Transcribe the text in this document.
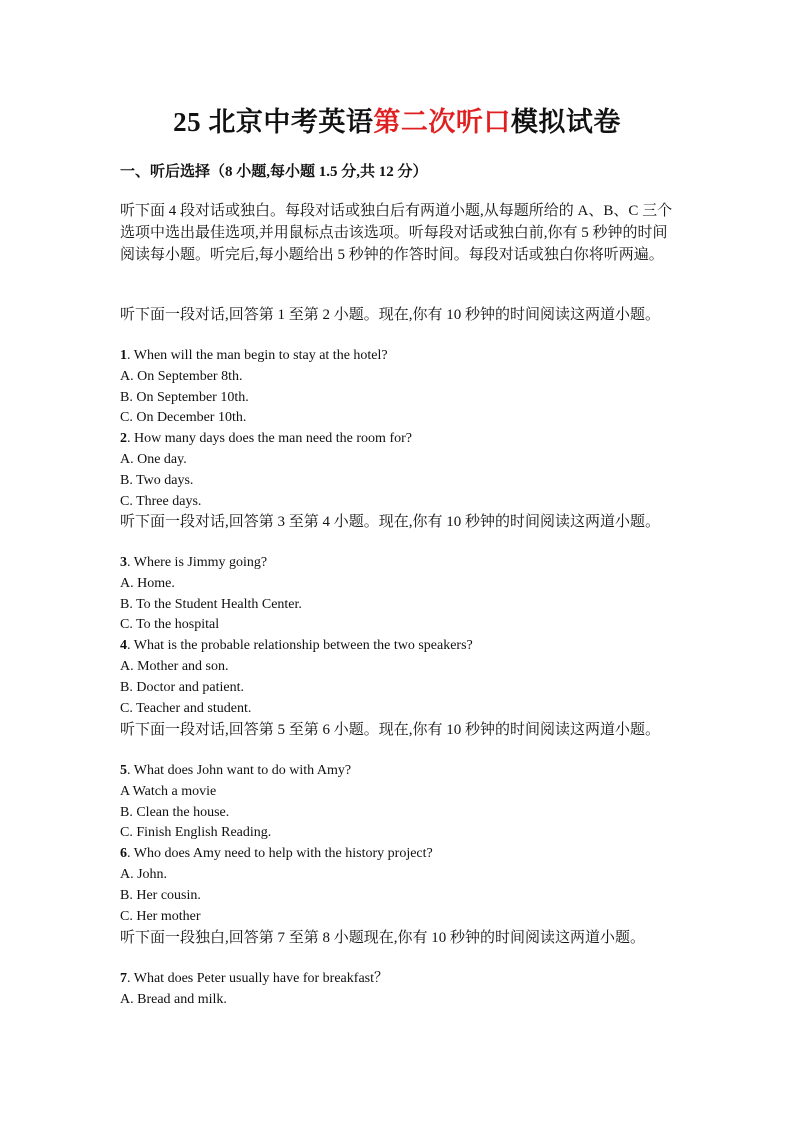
25 北京中考英语第二次听口模拟试卷
一、听后选择（8 小题,每小题 1.5 分,共 12 分）
听下面 4 段对话或独白。每段对话或独白后有两道小题,从每题所给的 A、B、C 三个选项中选出最佳选项,并用鼠标点击该选项。听每段对话或独白前,你有 5 秒钟的时间阅读每小题。听完后,每小题给出 5 秒钟的作答时间。每段对话或独白你将听两遍。
听下面一段对话,回答第 1 至第 2 小题。现在,你有 10 秒钟的时间阅读这两道小题。
1. When will the man begin to stay at the hotel?
A. On September 8th.
B. On September 10th.
C. On December 10th.
2. How many days does the man need the room for?
A. One day.
B. Two days.
C. Three days.
听下面一段对话,回答第 3 至第 4 小题。现在,你有 10 秒钟的时间阅读这两道小题。
3. Where is Jimmy going?
A. Home.
B. To the Student Health Center.
C. To the hospital
4. What is the probable relationship between the two speakers?
A. Mother and son.
B. Doctor and patient.
C. Teacher and student.
听下面一段对话,回答第 5 至第 6 小题。现在,你有 10 秒钟的时间阅读这两道小题。
5. What does John want to do with Amy?
A Watch a movie
B. Clean the house.
C. Finish English Reading.
6. Who does Amy need to help with the history project?
A. John.
B. Her cousin.
C. Her mother
听下面一段独白,回答第 7 至第 8 小题现在,你有 10 秒钟的时间阅读这两道小题。
7. What does Peter usually have for breakfast？
A. Bread and milk.
